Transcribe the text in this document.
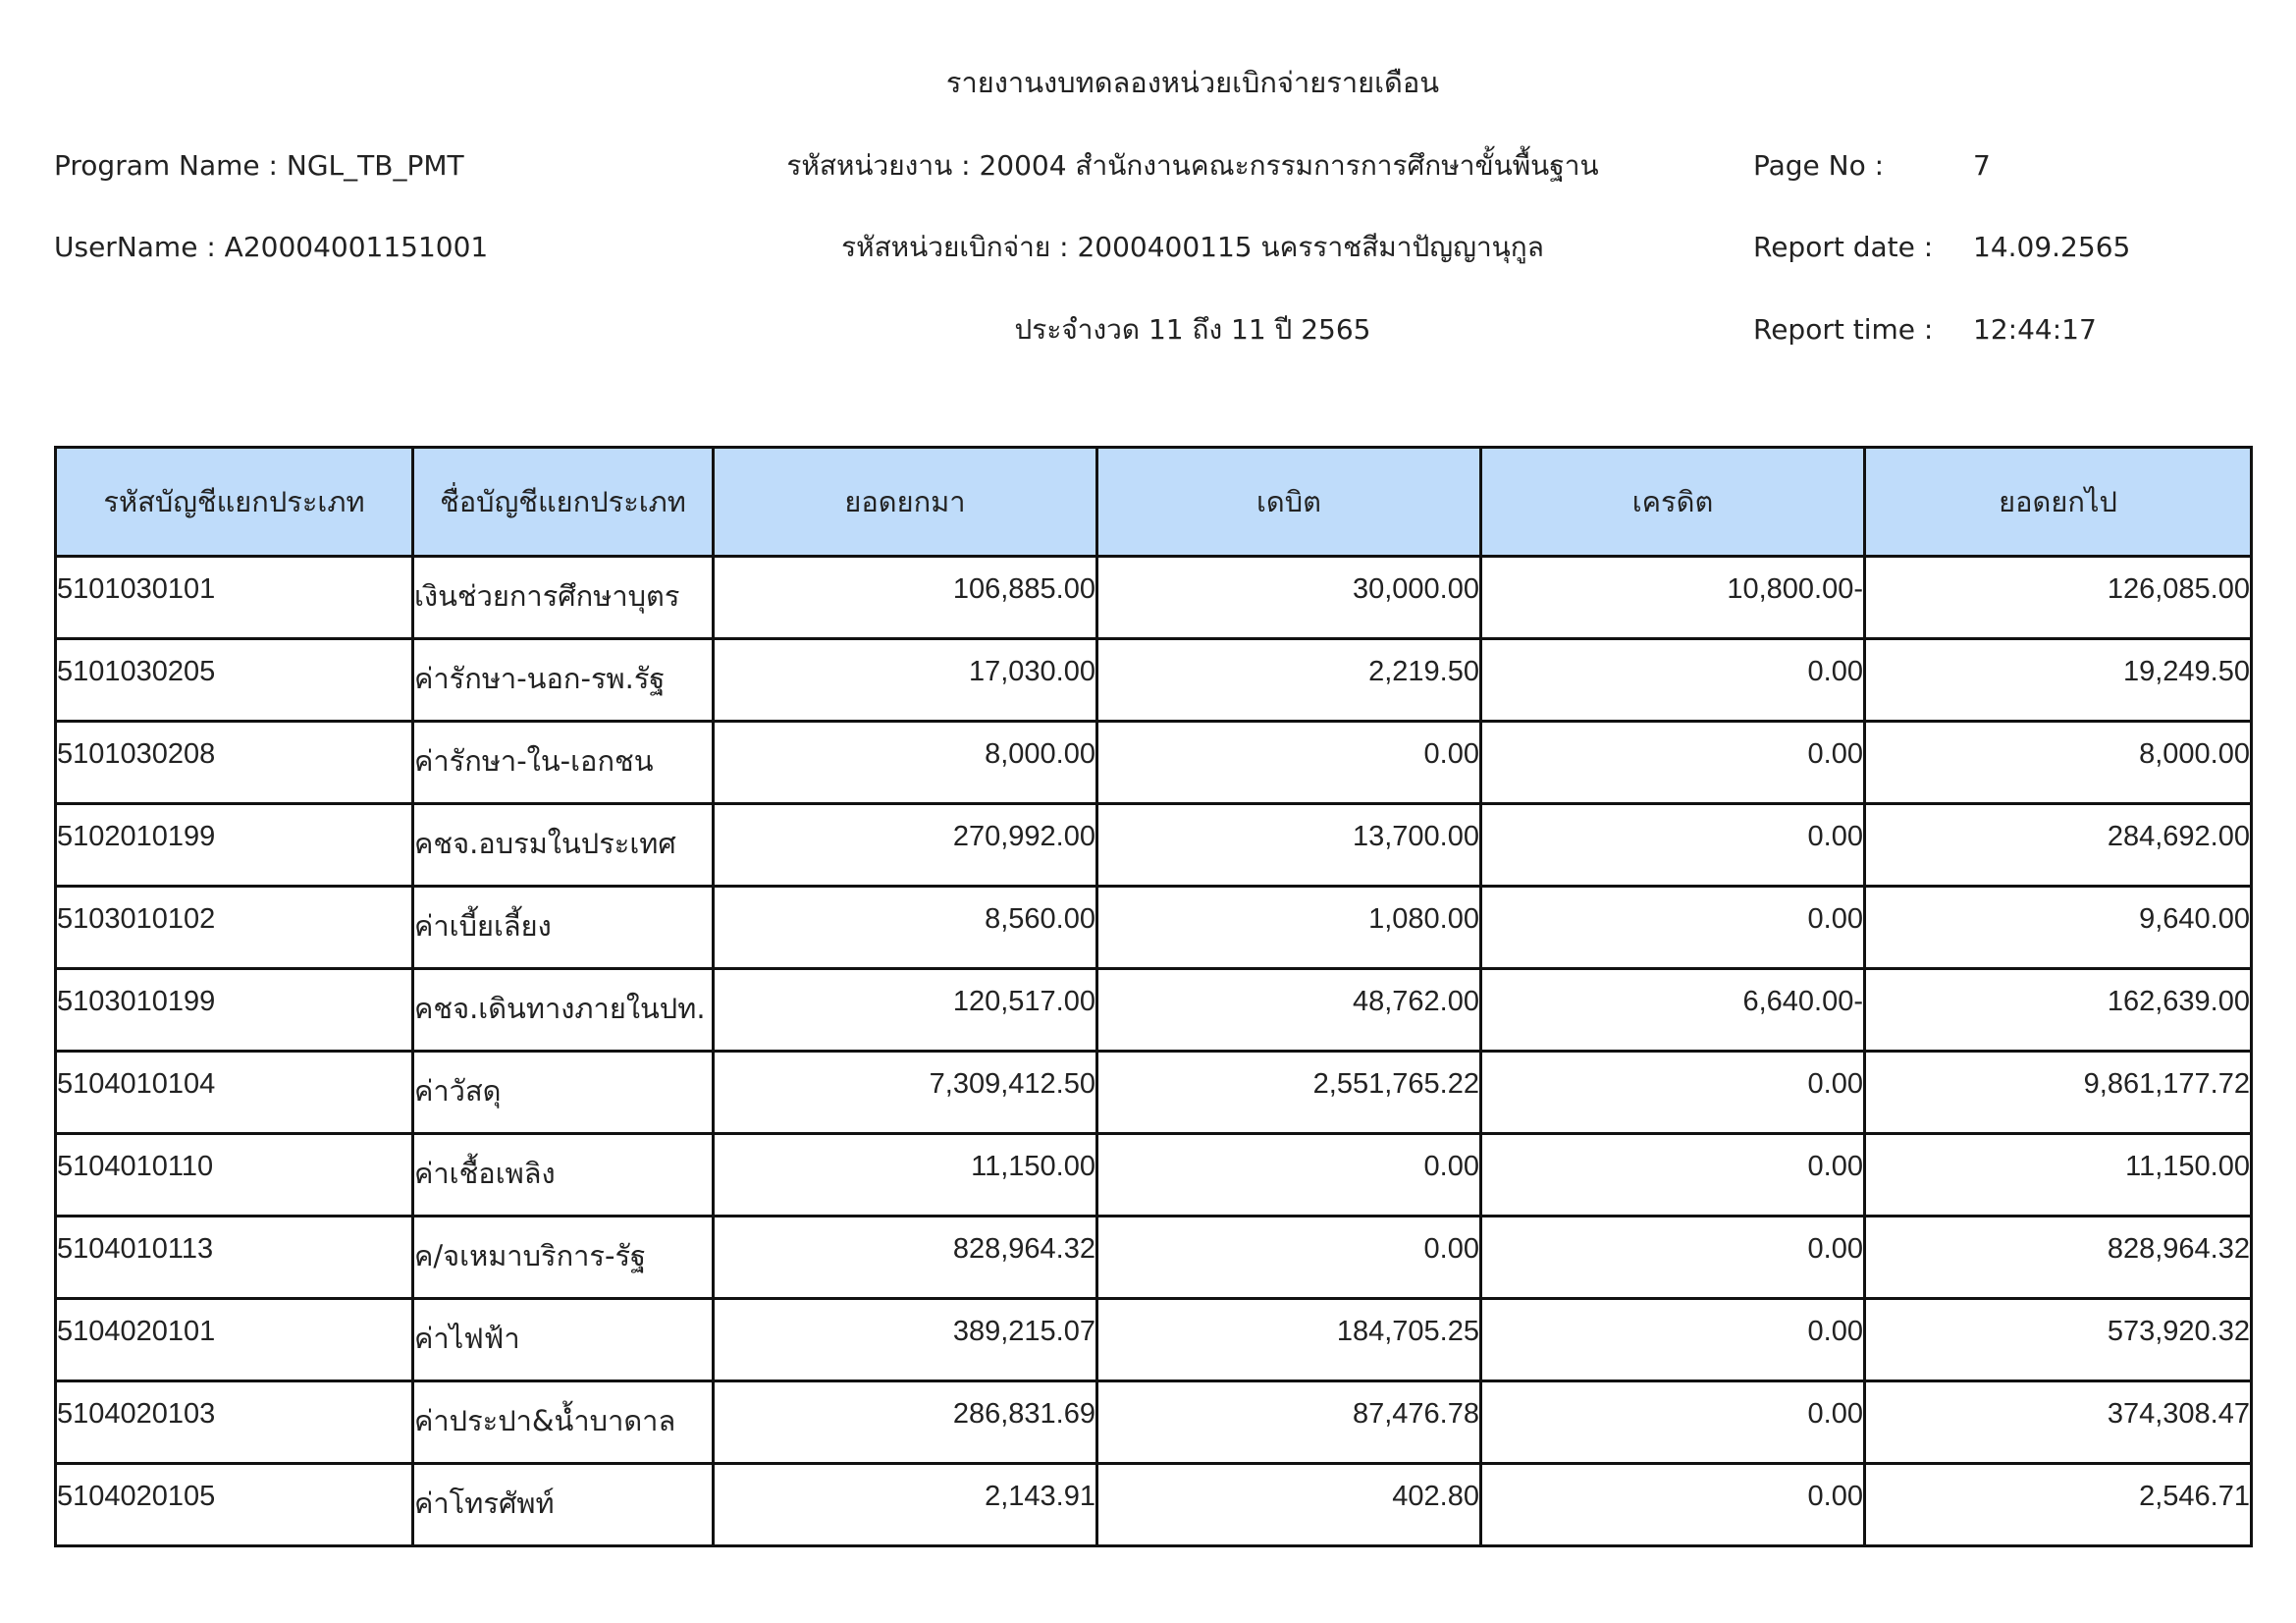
รายงานงบทดลองหน่วยเบิกจ่ายรายเดือน
Program Name : NGL_TB_PMT
UserName : A20004001151001
รหัสหน่วยงาน : 20004 สำนักงานคณะกรรมการการศึกษาขั้นพื้นฐาน
รหัสหน่วยเบิกจ่าย : 2000400115 นครราชสีมาปัญญานุกูล
ประจำงวด 11 ถึง 11 ปี 2565
Page No :	7
Report date : 14.09.2565
Report time : 12:44:17
รหัสบัญชีแยกประเภท	ชื่อบัญชีแยกประเภท	ยอดยกมา	เดบิต	เครดิต	ยอดยกไป
5101030101	เงินช่วยการศึกษาบุตร	106,885.00	30,000.00	10,800.00-	126,085.00
5101030205	ค่ารักษา-นอก-รพ.รัฐ	17,030.00	2,219.50	0.00	19,249.50
5101030208	ค่ารักษา-ใน-เอกชน	8,000.00	0.00	0.00	8,000.00
5102010199	คชจ.อบรมในประเทศ	270,992.00	13,700.00	0.00	284,692.00
5103010102	ค่าเบี้ยเลี้ยง	8,560.00	1,080.00	0.00	9,640.00
5103010199	คชจ.เดินทางภายในปท.	120,517.00	48,762.00	6,640.00-	162,639.00
5104010104	ค่าวัสดุ	7,309,412.50	2,551,765.22	0.00	9,861,177.72
5104010110	ค่าเชื้อเพลิง	11,150.00	0.00	0.00	11,150.00
5104010113	ค/จเหมาบริการ-รัฐ	828,964.32	0.00	0.00	828,964.32
5104020101	ค่าไฟฟ้า	389,215.07	184,705.25	0.00	573,920.32
5104020103	ค่าประปา&น้ำบาดาล	286,831.69	87,476.78	0.00	374,308.47
5104020105	ค่าโทรศัพท์	2,143.91	402.80	0.00	2,546.71
